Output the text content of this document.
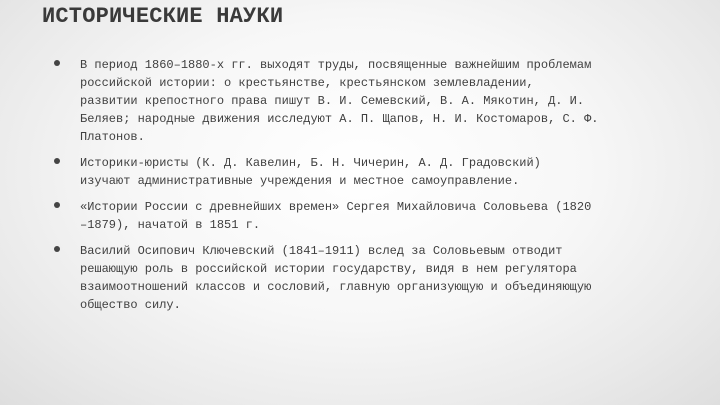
ИСТОРИЧЕСКИЕ НАУКИ
В период 1860–1880-х гг. выходят труды, посвященные важнейшим проблемам
российской истории: о крестьянстве, крестьянском землевладении,
развитии крепостного права пишут В. И. Семевский, В. А. Мякотин, Д. И.
Беляев; народные движения исследуют А. П. Щапов, Н. И. Костомаров, С. Ф.
Платонов.
Историки-юристы (К. Д. Кавелин, Б. Н. Чичерин, А. Д. Градовский)
изучают административные учреждения и местное самоуправление.
«Истории России с древнейших времен» Сергея Михайловича Соловьева (1820
–1879), начатой в 1851 г.
Василий Осипович Ключевский (1841–1911) вслед за Соловьевым отводит
решающую роль в российской истории государству, видя в нем регулятора
взаимоотношений классов и сословий, главную организующую и объединяющую
общество силу.
